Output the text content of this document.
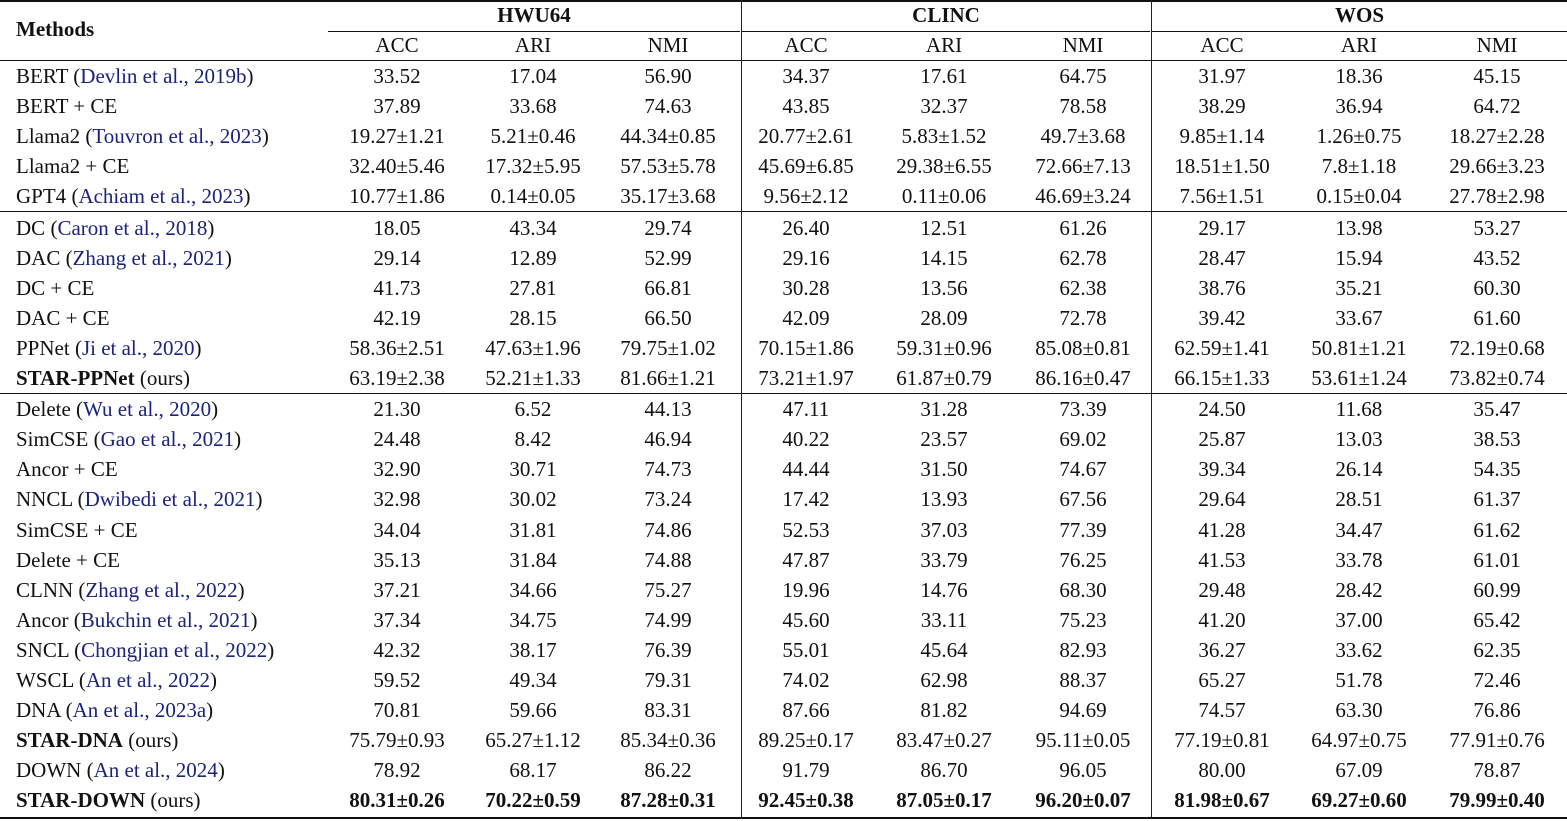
Methods
HWU64
ACC	ARI	NMI
CLINC
ACC	ARI	NMI
WOS
ACC	ARI	NMI
BERT (Devlin et al., 2019b)	33.52	17.04	56.90	34.37	17.61	64.75	31.97	18.36	45.15
BERT + CE	37.89	33.68	74.63	43.85	32.37	78.58	38.29	36.94	64.72
Llama2 (Touvron et al., 2023)	19.27±1.21	5.21±0.46	44.34±0.85	20.77±2.61	5.83±1.52	49.7±3.68	9.85±1.14	1.26±0.75	18.27±2.28
Llama2 + CE	32.40±5.46	17.32±5.95	57.53±5.78	45.69±6.85	29.38±6.55	72.66±7.13	18.51±1.50	7.8±1.18	29.66±3.23
GPT4 (Achiam et al., 2023)	10.77±1.86	0.14±0.05	35.17±3.68	9.56±2.12	0.11±0.06	46.69±3.24	7.56±1.51	0.15±0.04	27.78±2.98
DC (Caron et al., 2018)	18.05	43.34	29.74	26.40	12.51	61.26	29.17	13.98	53.27
DAC (Zhang et al., 2021)	29.14	12.89	52.99	29.16	14.15	62.78	28.47	15.94	43.52
DC + CE	41.73	27.81	66.81	30.28	13.56	62.38	38.76	35.21	60.30
DAC + CE	42.19	28.15	66.50	42.09	28.09	72.78	39.42	33.67	61.60
PPNet (Ji et al., 2020)	58.36±2.51	47.63±1.96	79.75±1.02	70.15±1.86	59.31±0.96	85.08±0.81	62.59±1.41	50.81±1.21	72.19±0.68
STAR-PPNet (ours)	63.19±2.38	52.21±1.33	81.66±1.21	73.21±1.97	61.87±0.79	86.16±0.47	66.15±1.33	53.61±1.24	73.82±0.74
Delete (Wu et al., 2020)	21.30	6.52	44.13	47.11	31.28	73.39	24.50	11.68	35.47
SimCSE (Gao et al., 2021)	24.48	8.42	46.94	40.22	23.57	69.02	25.87	13.03	38.53
Ancor + CE	32.90	30.71	74.73	44.44	31.50	74.67	39.34	26.14	54.35
NNCL (Dwibedi et al., 2021)	32.98	30.02	73.24	17.42	13.93	67.56	29.64	28.51	61.37
SimCSE + CE	34.04	31.81	74.86	52.53	37.03	77.39	41.28	34.47	61.62
Delete + CE	35.13	31.84	74.88	47.87	33.79	76.25	41.53	33.78	61.01
CLNN (Zhang et al., 2022)	37.21	34.66	75.27	19.96	14.76	68.30	29.48	28.42	60.99
Ancor (Bukchin et al., 2021)	37.34	34.75	74.99	45.60	33.11	75.23	41.20	37.00	65.42
SNCL (Chongjian et al., 2022)	42.32	38.17	76.39	55.01	45.64	82.93	36.27	33.62	62.35
WSCL (An et al., 2022)	59.52	49.34	79.31	74.02	62.98	88.37	65.27	51.78	72.46
DNA (An et al., 2023a)	70.81	59.66	83.31	87.66	81.82	94.69	74.57	63.30	76.86
STAR-DNA (ours)	75.79±0.93	65.27±1.12	85.34±0.36	89.25±0.17	83.47±0.27	95.11±0.05	77.19±0.81	64.97±0.75	77.91±0.76
DOWN (An et al., 2024)	78.92	68.17	86.22	91.79	86.70	96.05	80.00	67.09	78.87
STAR-DOWN (ours)	80.31±0.26	70.22±0.59	87.28±0.31	92.45±0.38	87.05±0.17	96.20±0.07	81.98±0.67	69.27±0.60	79.99±0.40
